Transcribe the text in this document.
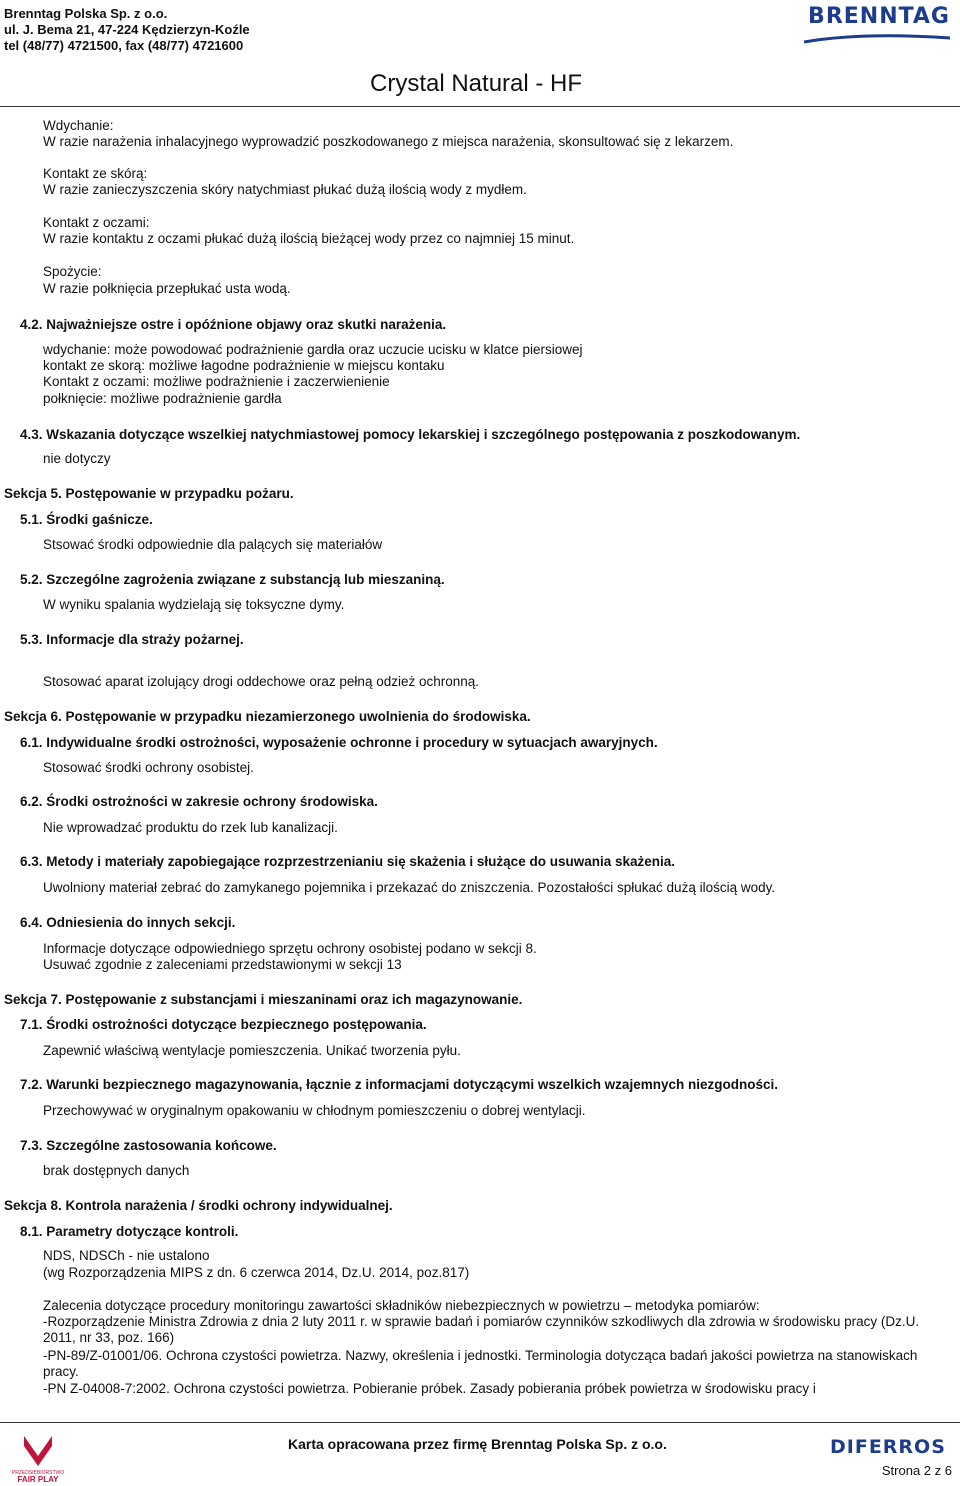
Brenntag Polska Sp. z o.o.
ul. J. Bema 21, 47-224 Kędzierzyn-Koźle
tel (48/77) 4721500, fax (48/77) 4721600
BRENNTAG
Crystal Natural - HF
Wdychanie:
W razie narażenia inhalacyjnego wyprowadzić poszkodowanego z miejsca narażenia, skonsultować się z lekarzem.
Kontakt ze skórą:
W razie zanieczyszczenia skóry natychmiast płukać dużą ilością wody z mydłem.
Kontakt z oczami:
W razie kontaktu z oczami płukać dużą ilością bieżącej wody przez co najmniej 15 minut.
Spożycie:
W razie połknięcia przepłukać usta wodą.
4.2. Najważniejsze ostre i opóźnione objawy oraz skutki narażenia.
wdychanie: może powodować podrażnienie gardła oraz uczucie ucisku w klatce piersiowej
kontakt ze skorą: możliwe łagodne podrażnienie w miejscu kontaku
Kontakt z oczami: możliwe podrażnienie i zaczerwienienie
połknięcie: możliwe podrażnienie gardła
4.3. Wskazania dotyczące wszelkiej natychmiastowej pomocy lekarskiej i szczególnego postępowania z poszkodowanym.
nie dotyczy
Sekcja 5. Postępowanie w przypadku pożaru.
5.1. Środki gaśnicze.
Stsować środki odpowiednie dla palących się materiałów
5.2. Szczególne zagrożenia związane z substancją lub mieszaniną.
W wyniku spalania wydzielają się toksyczne dymy.
5.3. Informacje dla straży pożarnej.
Stosować aparat izolujący drogi oddechowe oraz pełną odzież ochronną.
Sekcja 6. Postępowanie w przypadku niezamierzonego uwolnienia do środowiska.
6.1. Indywidualne środki ostrożności, wyposażenie ochronne i procedury w sytuacjach awaryjnych.
Stosować środki ochrony osobistej.
6.2. Środki ostrożności w zakresie ochrony środowiska.
Nie wprowadzać produktu do rzek lub kanalizacji.
6.3. Metody i materiały zapobiegające rozprzestrzenianiu się skażenia i służące do usuwania skażenia.
Uwolniony materiał zebrać do zamykanego pojemnika i przekazać do zniszczenia. Pozostałości spłukać dużą ilością wody.
6.4. Odniesienia do innych sekcji.
Informacje dotyczące odpowiedniego sprzętu ochrony osobistej podano w sekcji 8.
Usuwać zgodnie z zaleceniami przedstawionymi w sekcji 13
Sekcja 7. Postępowanie z substancjami i mieszaninami oraz ich magazynowanie.
7.1. Środki ostrożności dotyczące bezpiecznego postępowania.
Zapewnić właściwą wentylacje pomieszczenia. Unikać tworzenia pyłu.
7.2. Warunki bezpiecznego magazynowania, łącznie z informacjami dotyczącymi wszelkich wzajemnych niezgodności.
Przechowywać w oryginalnym opakowaniu w chłodnym pomieszczeniu o dobrej wentylacji.
7.3. Szczególne zastosowania końcowe.
brak dostępnych danych
Sekcja 8. Kontrola narażenia / środki ochrony indywidualnej.
8.1. Parametry dotyczące kontroli.
NDS, NDSCh - nie ustalono
(wg Rozporządzenia MIPS z dn. 6 czerwca 2014, Dz.U. 2014, poz.817)
Zalecenia dotyczące procedury monitoringu zawartości składników niebezpiecznych w powietrzu – metodyka pomiarów:
-Rozporządzenie Ministra Zdrowia z dnia 2 luty 2011 r. w sprawie badań i pomiarów czynników szkodliwych dla zdrowia w środowisku pracy (Dz.U. 2011, nr 33, poz. 166)
-PN-89/Z-01001/06. Ochrona czystości powietrza. Nazwy, określenia i jednostki. Terminologia dotycząca badań jakości powietrza na stanowiskach pracy.
-PN Z-04008-7:2002. Ochrona czystości powietrza. Pobieranie próbek. Zasady pobierania próbek powietrza w środowisku pracy i
PRZEDSIĘBIORSTWO
FAIR PLAY
Karta opracowana przez firmę Brenntag Polska Sp. z o.o.	DIFERROS
Strona 2 z 6
